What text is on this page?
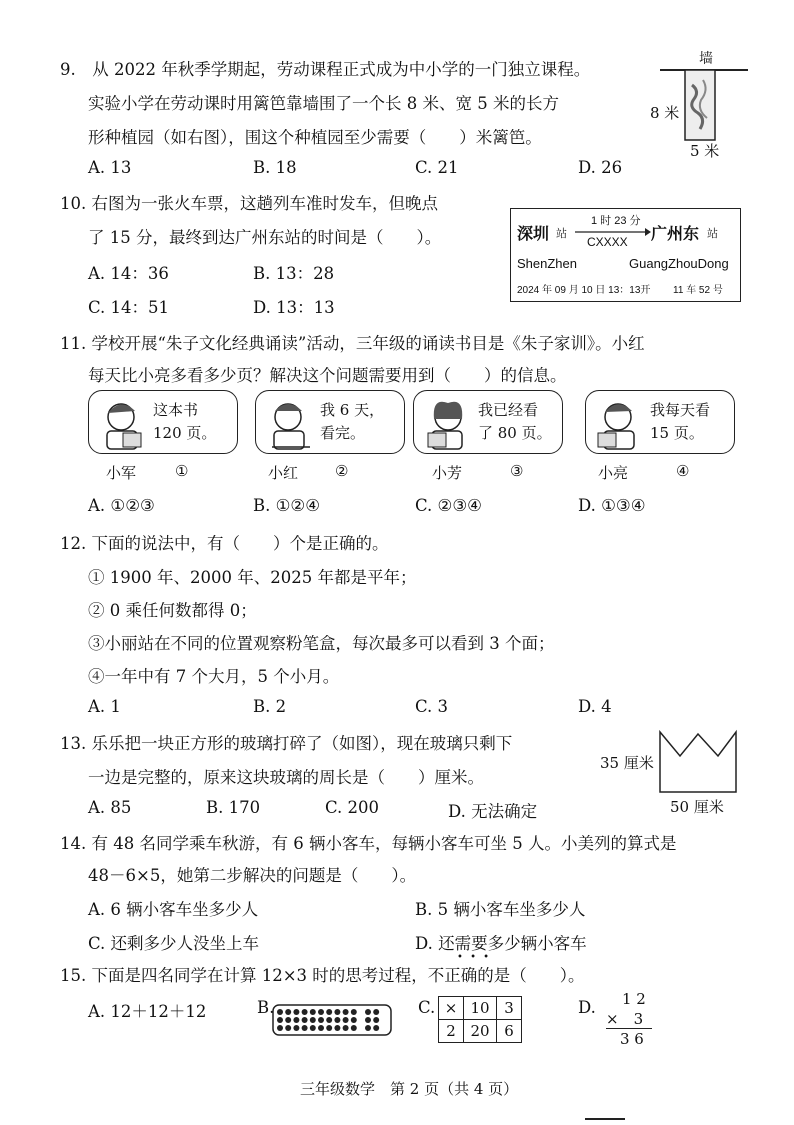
9.　从 2022 年秋季学期起，劳动课程正式成为中小学的一门独立课程。
实验小学在劳动课时用篱笆靠墙围了一个长 8 米、宽 5 米的长方
形种植园（如右图），围这个种植园至少需要（　　）米篱笆。
A. 13	B. 18	C. 21	D. 26
墙
8 米
5 米
10. 右图为一张火车票，这趟列车准时发车，但晚点
了 15 分，最终到达广州东站的时间是（　　）。
A. 14：36	B. 13：28
C. 14：51	D. 13：13
深圳 站
1 时 23 分
CXXXX 广州东 站
ShenZhen	GuangZhouDong
2024 年 09 月 10 日 13：13开 11 车 52 号
11. 学校开展“朱子文化经典诵读”活动，三年级的诵读书目是《朱子家训》。小红
每天比小亮多看多少页？解决这个问题需要用到（　　）的信息。
这本书
120 页。
小军	①
我 6 天，
看完。
小红 ②
我已经看
了 80 页。
小芳	③
我每天看
15 页。
小亮	④
A. ①②③	B. ①②④	C. ②③④	D. ①③④
12. 下面的说法中，有（　　）个是正确的。
① 1900 年、2000 年、2025 年都是平年；
② 0 乘任何数都得 0；
③小丽站在不同的位置观察粉笔盒，每次最多可以看到 3 个面；
④一年中有 7 个大月，5 个小月。
A. 1	B. 2	C. 3	D. 4
13. 乐乐把一块正方形的玻璃打碎了（如图），现在玻璃只剩下
一边是完整的，原来这块玻璃的周长是（　　）厘米。
A. 85	B. 170	C. 200	D. 无法确定
35 厘米
50 厘米
14. 有 48 名同学乘车秋游，有 6 辆小客车，每辆小客车可坐 5 人。小美列的算式是
48－6×5，她第二步解决的问题是（　　）。
A. 6 辆小客车坐多少人	B. 5 辆小客车坐多少人
C. 还剩多少人没坐上车	D. 还需要多少辆小客车
15. 下面是四名同学在计算 12×3 时的思考过程，不正确的是（　　）。
• • •
A. 12＋12＋12	B.	C. ×	10	3
2	20	6
D. 1 2
×　3
3 6
三年级数学　第 2 页（共 4 页）
